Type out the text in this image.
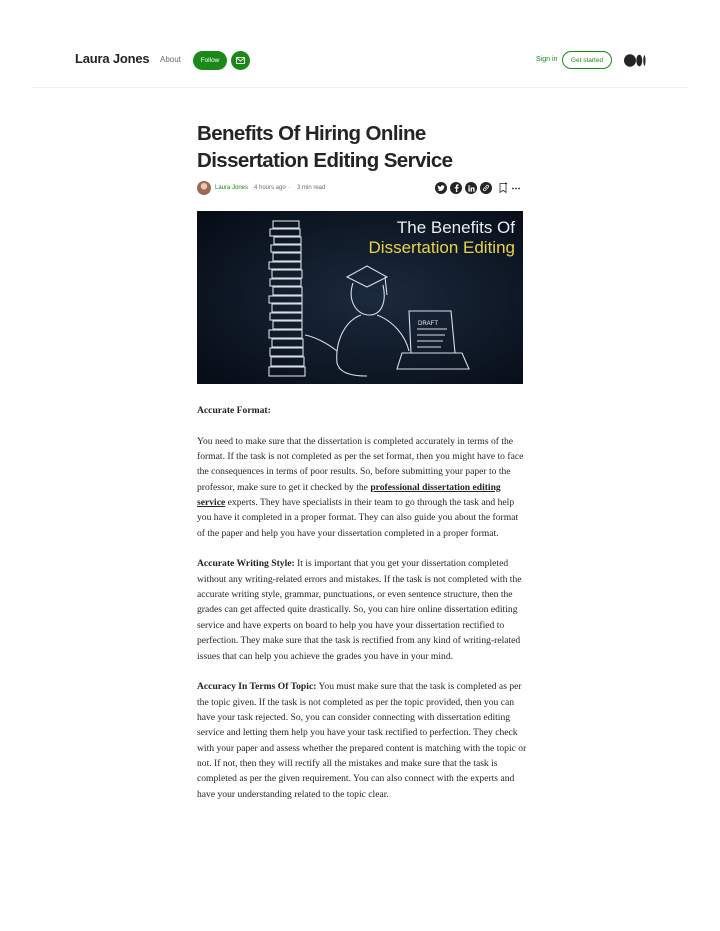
Laura Jones About	Follow	Sign in	Get started
Benefits Of Hiring Online Dissertation Editing Service
Laura Jones 4 hours ago · 3 min read
DRAFT
The Benefits Of
Dissertation Editing

Accurate Format:

You need to make sure that the dissertation is completed accurately in terms of the format. If the task is not completed as per the set format, then you might have to face the consequences in terms of poor results. So, before submitting your paper to the professor, make sure to get it checked by the professional dissertation editing service experts. They have specialists in their team to go through the task and help you have it completed in a proper format. They can also guide you about the format of the paper and help you have your dissertation completed in a proper format.

Accurate Writing Style: It is important that you get your dissertation completed without any writing-related errors and mistakes. If the task is not completed with the accurate writing style, grammar, punctuations, or even sentence structure, then the grades can get affected quite drastically. So, you can hire online dissertation editing service and have experts on board to help you have your dissertation rectified to perfection. They make sure that the task is rectified from any kind of writing-related issues that can help you achieve the grades you have in your mind.

Accuracy In Terms Of Topic: You must make sure that the task is completed as per the topic given. If the task is not completed as per the topic provided, then you can have your task rejected. So, you can consider connecting with dissertation editing service and letting them help you have your task rectified to perfection. They check with your paper and assess whether the prepared content is matching with the topic or not. If not, then they will rectify all the mistakes and make sure that the task is completed as per the given requirement. You can also connect with the experts and have your understanding related to the topic clear.
